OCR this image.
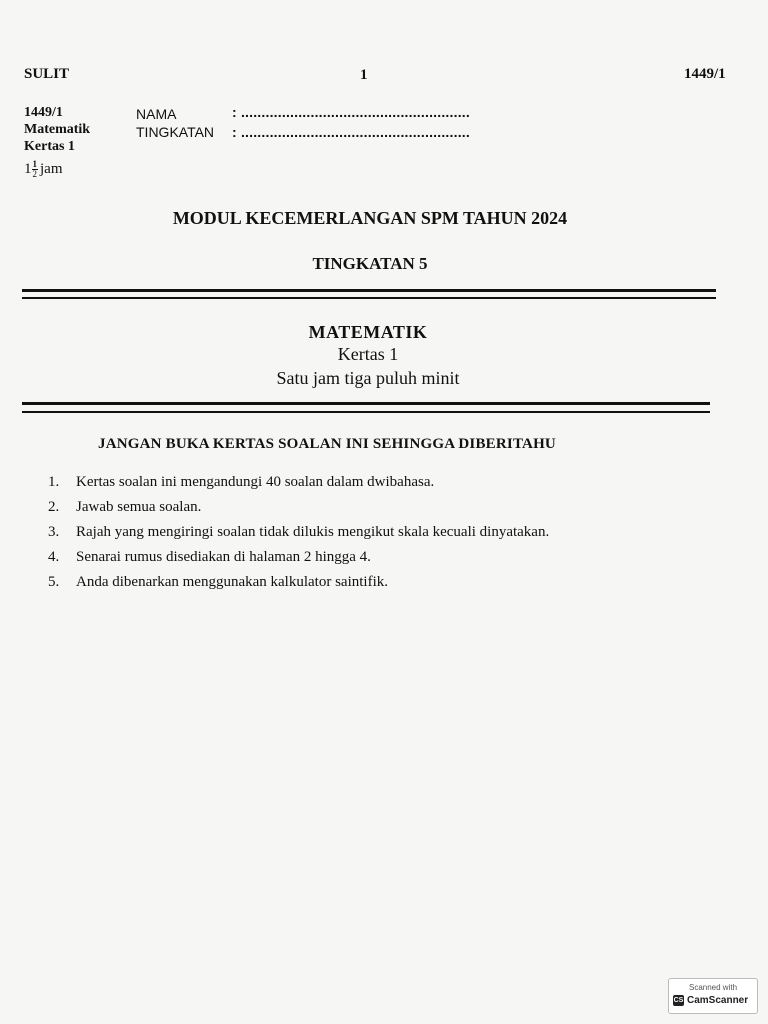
SULIT	1	1449/1
1449/1
Matematik
Kertas 1
$1 \frac{1}{2}$ jam
NAMA	: ........................................................
TINGKATAN : ........................................................
MODUL KECEMERLANGAN SPM TAHUN 2024
TINGKATAN 5
MATEMATIK
Kertas 1
Satu jam tiga puluh minit
JANGAN BUKA KERTAS SOALAN INI SEHINGGA DIBERITAHU
1.	Kertas soalan ini mengandungi 40 soalan dalam dwibahasa.
2.	Jawab semua soalan.
3.	Rajah yang mengiringi soalan tidak dilukis mengikut skala kecuali dinyatakan.
4.	Senarai rumus disediakan di halaman 2 hingga 4.
5.	Anda dibenarkan menggunakan kalkulator saintifik.
Scanned with
CS CamScanner
